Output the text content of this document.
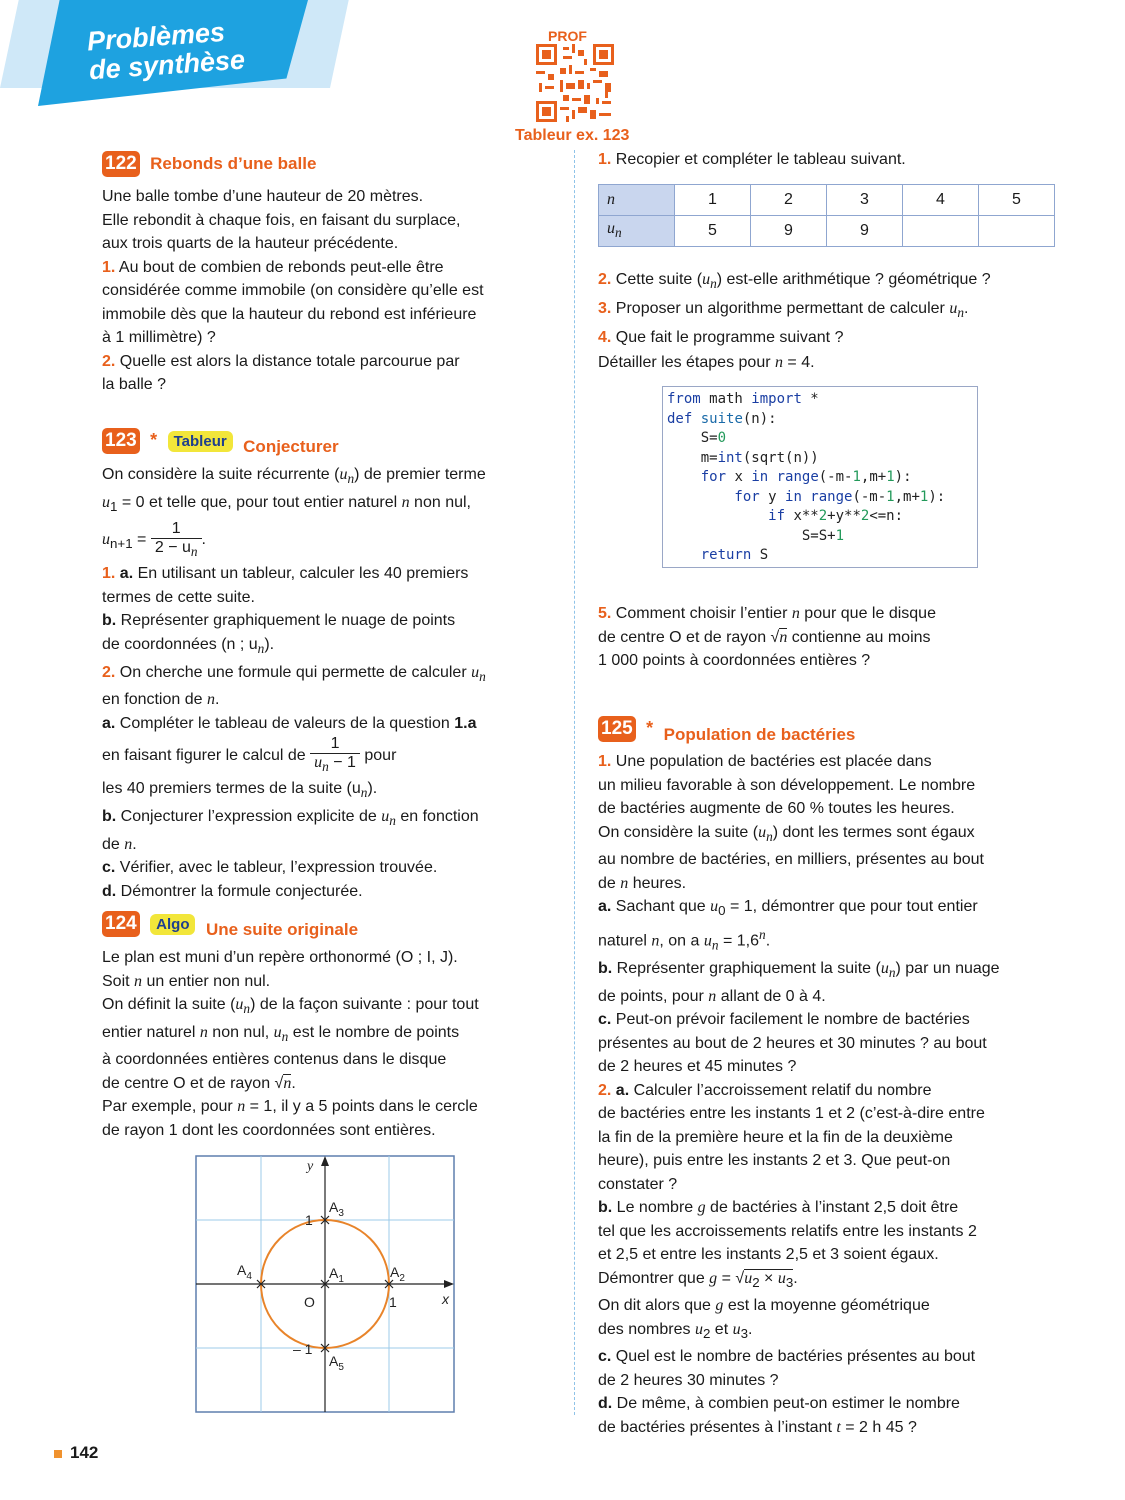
Problèmes
de synthèse
PROF
Tableur ex. 123
122 Rebonds d’une balle
Une balle tombe d’une hauteur de 20 mètres.
Elle rebondit à chaque fois, en faisant du surplace,
aux trois quarts de la hauteur précédente.
1. Au bout de combien de rebonds peut-elle être
considérée comme immobile (on considère qu’elle est
immobile dès que la hauteur du rebond est inférieure
à 1 millimètre) ?
2. Quelle est alors la distance totale parcourue par
la balle ?
123 * Tableur Conjecturer
On considère la suite récurrente $(u_n)$ de premier terme
$u_1 = 0$ et telle que, pour tout entier naturel n non nul,
$u_{n+1} = \frac{1}{2 - u_n}$ .
1. a. En utilisant un tableur, calculer les 40 premiers
termes de cette suite.
b. Représenter graphiquement le nuage de points
de coordonnées (n ; $u_n$).
2. On cherche une formule qui permette de calculer $u_n$
en fonction de n.
a. Compléter le tableau de valeurs de la question 1.a
en faisant figurer le calcul de $\frac{1}{u_n - 1}$ pour
les 40 premiers termes de la suite $(u_n)$.
b. Conjecturer l’expression explicite de $u_n$ en fonction
de n.
c. Vérifier, avec le tableur, l’expression trouvée.
d. Démontrer la formule conjecturée.
124 Algo Une suite originale
Le plan est muni d’un repère orthonormé (O ; I, J).
Soit n un entier non nul.
On définit la suite $(u_n)$ de la façon suivante : pour tout
entier naturel n non nul, $u_n$ est le nombre de points
à coordonnées entières contenus dans le disque
de centre O et de rayon √n.
Par exemple, pour n = 1, il y a 5 points dans le cercle
de rayon 1 dont les coordonnées sont entières.
y
x
O	1
1
– 1
$A_1$	$A_2$
$A_3$
$A_4$
$A_5$
1. Recopier et compléter le tableau suivant.
n	1	2	3	4	5
$u_n$	5	9	9		
2. Cette suite $(u_n)$ est-elle arithmétique ? géométrique ?
3. Proposer un algorithme permettant de calculer $u_n$.
4. Que fait le programme suivant ?
Détailler les étapes pour n = 4.
from math import *
def suite(n):
S=0
m=int(sqrt(n))
for x in range(-m-1,m+1):
for y in range(-m-1,m+1):
if x**2+y**2<=n:
S=S+1
return S
5. Comment choisir l’entier n pour que le disque
de centre O et de rayon √n contienne au moins
1 000 points à coordonnées entières ?
125 * Population de bactéries
1. Une population de bactéries est placée dans
un milieu favorable à son développement. Le nombre
de bactéries augmente de 60 % toutes les heures.
On considère la suite $(u_n)$ dont les termes sont égaux
au nombre de bactéries, en milliers, présentes au bout
de n heures.
a. Sachant que $u_0 = 1$, démontrer que pour tout entier
naturel n, on a $u_n = 1,6^n$.
b. Représenter graphiquement la suite $(u_n)$ par un nuage
de points, pour n allant de 0 à 4.
c. Peut-on prévoir facilement le nombre de bactéries
présentes au bout de 2 heures et 30 minutes ? au bout
de 2 heures et 45 minutes ?
2. a. Calculer l’accroissement relatif du nombre
de bactéries entre les instants 1 et 2 (c’est-à-dire entre
la fin de la première heure et la fin de la deuxième
heure), puis entre les instants 2 et 3. Que peut-on
constater ?
b. Le nombre g de bactéries à l’instant 2,5 doit être
tel que les accroissements relatifs entre les instants 2
et 2,5 et entre les instants 2,5 et 3 soient égaux.
Démontrer que $g = √u_2 \times u_3$.
On dit alors que g est la moyenne géométrique
des nombres $u_2$ et $u_3$.
c. Quel est le nombre de bactéries présentes au bout
de 2 heures 30 minutes ?
d. De même, à combien peut-on estimer le nombre
de bactéries présentes à l’instant t = 2 h 45 ?
142
